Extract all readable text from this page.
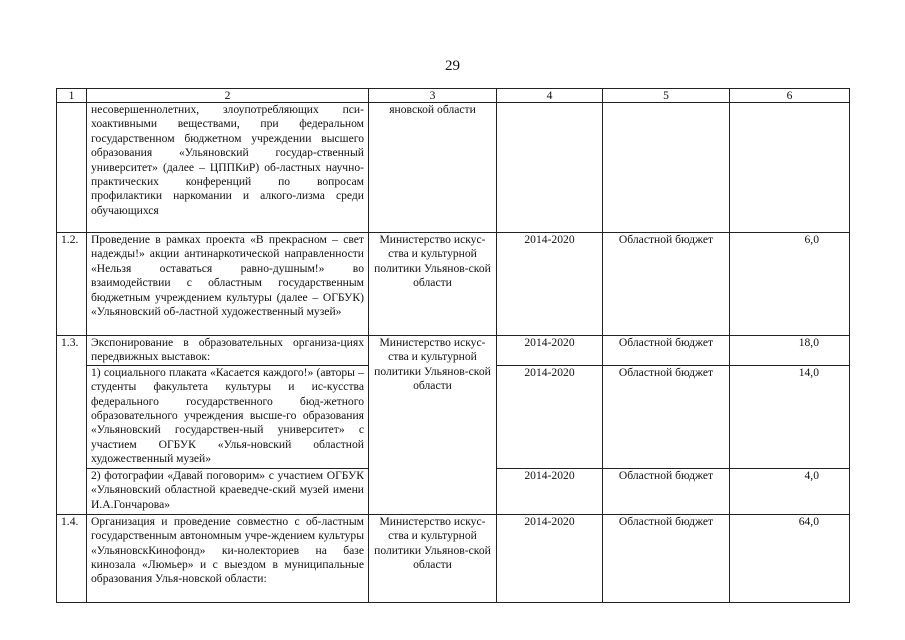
29
1	2	3	4	5	6
	несовершеннолетних, злоупотребляющих пси-хоактивными веществами, при федеральном государственном бюджетном учреждении высшего образования «Ульяновский государ-ственный университет» (далее – ЦППКиР) об-ластных научно-практических конференций по вопросам профилактики наркомании и алкого-лизма среди обучающихся	яновской области			
1.2.	Проведение в рамках проекта «В прекрасном – свет надежды!» акции антинаркотической направленности «Нельзя оставаться равно-душным!» во взаимодействии с областным государственным бюджетным учреждением культуры (далее – ОГБУК) «Ульяновский об-ластной художественный музей»	Министерство искус-ства и культурной политики Ульянов-ской области	2014-2020	Областной бюджет	6,0
1.3.	Экспонирование в образовательных организа-циях передвижных выставок:	Министерство искус-ства и культурной политики Ульянов-ской области	2014-2020	Областной бюджет	18,0
	1) социального плаката «Касается каждого!» (авторы – студенты факультета культуры и ис-кусства федерального государственного бюд-жетного образовательного учреждения высше-го образования «Ульяновский государствен-ный университет» с участием ОГБУК «Улья-новский областной художественный музей»		2014-2020	Областной бюджет	14,0
	2) фотографии «Давай поговорим» с участием ОГБУК «Ульяновский областной краеведче-ский музей имени И.А.Гончарова»		2014-2020	Областной бюджет	4,0
1.4.	Организация и проведение совместно с об-ластным государственным автономным учре-ждением культуры «УльяновскКинофонд» ки-нолекториев на базе кинозала «Люмьер» и с выездом в муниципальные образования Улья-новской области:	Министерство искус-ства и культурной политики Ульянов-ской области	2014-2020	Областной бюджет	64,0
